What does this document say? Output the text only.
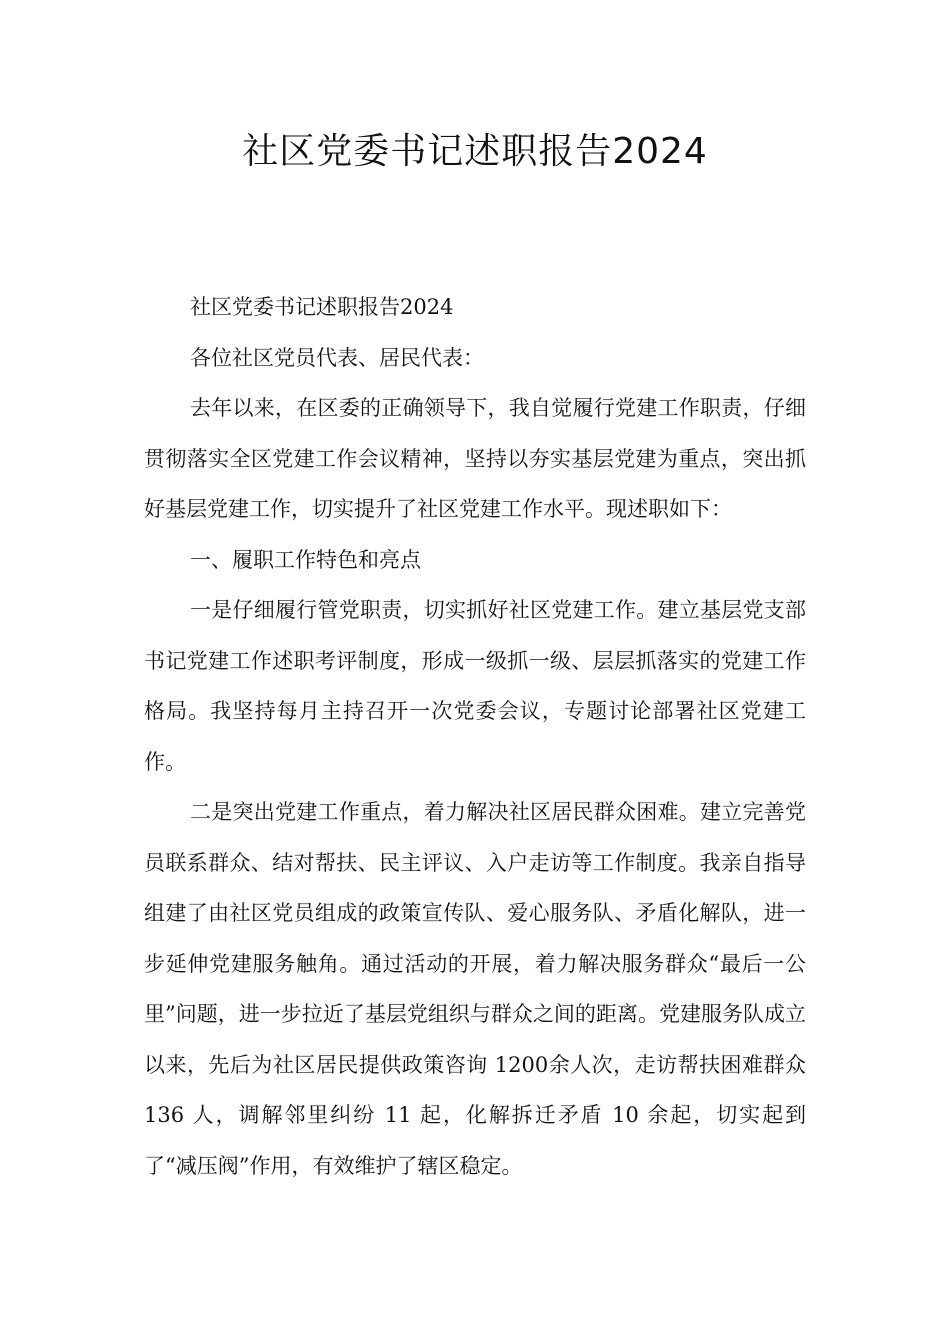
社区党委书记述职报告2024

社区党委书记述职报告2024

各位社区党员代表、居民代表：

去年以来，在区委的正确领导下，我自觉履行党建工作职责，仔细贯彻落实全区党建工作会议精神，坚持以夯实基层党建为重点，突出抓好基层党建工作，切实提升了社区党建工作水平。现述职如下：

一、履职工作特色和亮点

一是仔细履行管党职责，切实抓好社区党建工作。建立基层党支部书记党建工作述职考评制度，形成一级抓一级、层层抓落实的党建工作格局。我坚持每月主持召开一次党委会议，专题讨论部署社区党建工作。

二是突出党建工作重点，着力解决社区居民群众困难。建立完善党员联系群众、结对帮扶、民主评议、入户走访等工作制度。我亲自指导组建了由社区党员组成的政策宣传队、爱心服务队、矛盾化解队，进一步延伸党建服务触角。通过活动的开展，着力解决服务群众“最后一公里”问题，进一步拉近了基层党组织与群众之间的距离。党建服务队成立以来，先后为社区居民提供政策咨询 1200余人次，走访帮扶困难群众 136 人，调解邻里纠纷 11 起，化解拆迁矛盾 10 余起，切实起到了“减压阀”作用，有效维护了辖区稳定。
